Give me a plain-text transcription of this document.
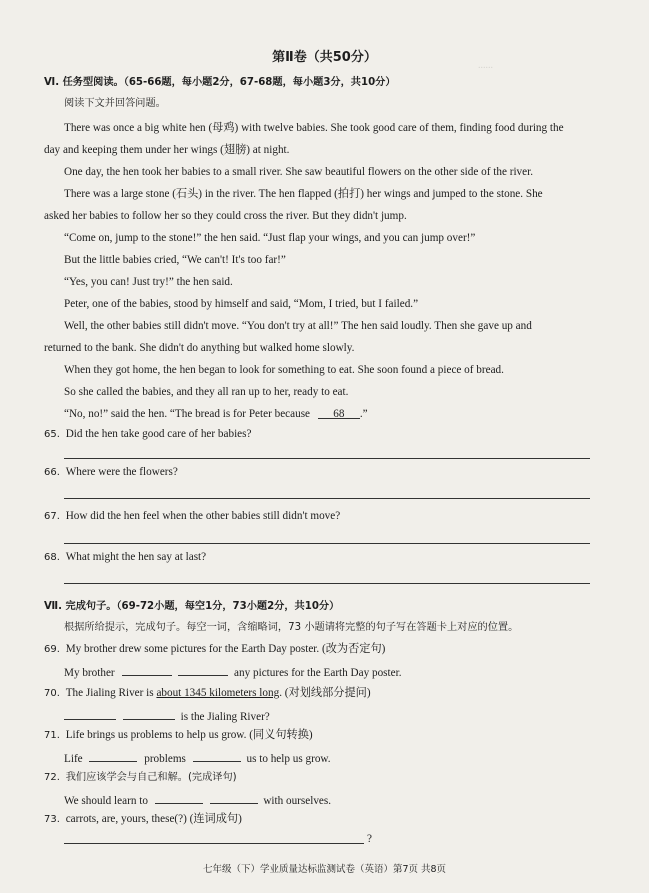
......
第Ⅱ卷（共50分）
Ⅵ. 任务型阅读。（65-66题，每小题2分，67-68题，每小题3分，共10分）
阅读下文并回答问题。
There was once a big white hen (母鸡) with twelve babies. She took good care of them, finding food during the
day and keeping them under her wings (翅膀) at night.
One day, the hen took her babies to a small river. She saw beautiful flowers on the other side of the river.
There was a large stone (石头) in the river. The hen flapped (拍打) her wings and jumped to the stone. She
asked her babies to follow her so they could cross the river. But they didn't jump.
“Come on, jump to the stone!” the hen said. “Just flap your wings, and you can jump over!”
But the little babies cried, “We can't! It's too far!”
“Yes, you can! Just try!” the hen said.
Peter, one of the babies, stood by himself and said, “Mom, I tried, but I failed.”
Well, the other babies still didn't move. “You don't try at all!” The hen said loudly. Then she gave up and
returned to the bank. She didn't do anything but walked home slowly.
When they got home, the hen began to look for something to eat. She soon found a piece of bread.
So she called the babies, and they all ran up to her, ready to eat.
“No, no!” said the hen. “The bread is for Peter because 68 .”
65. Did the hen take good care of her babies?
66. Where were the flowers?
67. How did the hen feel when the other babies still didn't move?
68. What might the hen say at last?
Ⅶ. 完成句子。（69-72小题，每空1分，73小题2分，共10分）
根据所给提示，完成句子。每空一词，含缩略词，73 小题请将完整的句子写在答题卡上对应的位置。
69. My brother drew some pictures for the Earth Day poster. (改为否定句)
My brother	any pictures for the Earth Day poster.
70. The Jialing River is about 1345 kilometers long. (对划线部分提问)
is the Jialing River?
71. Life brings us problems to help us grow. (同义句转换)
Life	problems	us to help us grow.
72. 我们应该学会与自己和解。(完成译句)
We should learn to	with ourselves.
73. carrots, are, yours, these(?) (连词成句)
?
七年级（下）学业质量达标监测试卷（英语）第7页 共8页
